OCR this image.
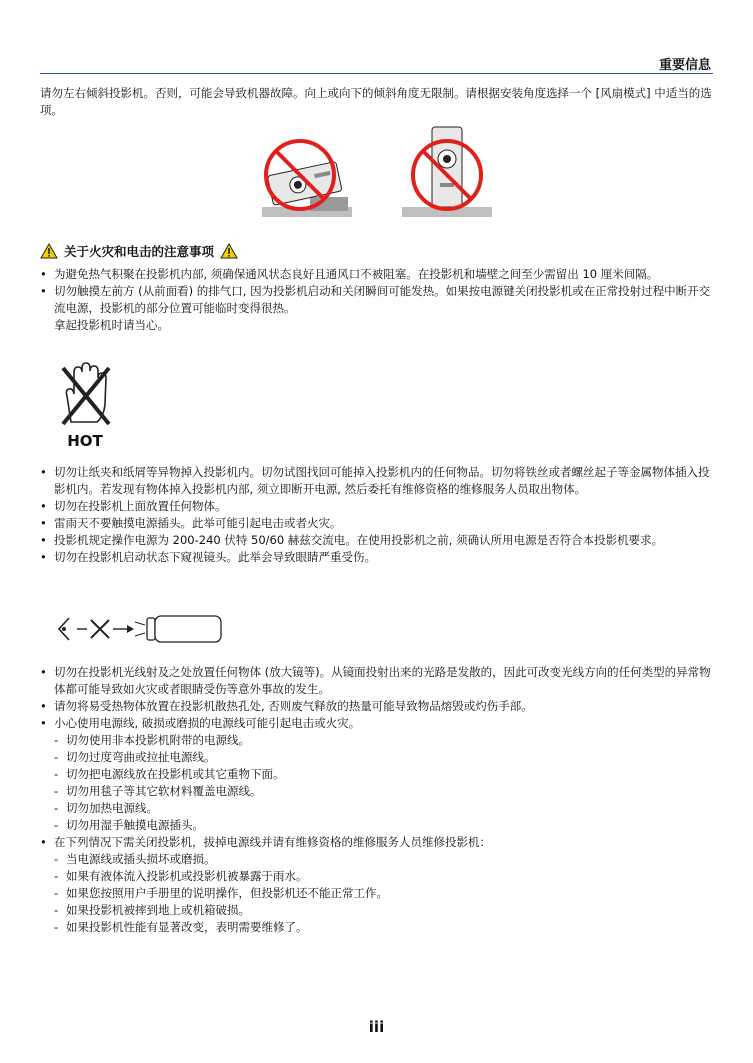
重要信息
请勿左右倾斜投影机。否则，可能会导致机器故障。向上或向下的倾斜角度无限制。请根据安装角度选择一个 [风扇模式] 中适当的选项。
关于火灾和电击的注意事项
• 为避免热气积聚在投影机内部, 须确保通风状态良好且通风口不被阻塞。在投影机和墙壁之间至少需留出 10 厘米间隔。
• 切勿触摸左前方 (从前面看) 的排气口, 因为投影机启动和关闭瞬间可能发热。如果按电源键关闭投影机或在正常投射过程中断开交流电源，投影机的部分位置可能临时变得很热。
拿起投影机时请当心。
HOT
• 切勿让纸夹和纸屑等异物掉入投影机内。切勿试图找回可能掉入投影机内的任何物品。切勿将铁丝或者螺丝起子等金属物体插入投影机内。若发现有物体掉入投影机内部, 须立即断开电源, 然后委托有维修资格的维修服务人员取出物体。
• 切勿在投影机上面放置任何物体。
• 雷雨天不要触摸电源插头。此举可能引起电击或者火灾。
• 投影机规定操作电源为 200-240 伏特 50/60 赫兹交流电。在使用投影机之前, 须确认所用电源是否符合本投影机要求。
• 切勿在投影机启动状态下窥视镜头。此举会导致眼睛严重受伤。
• 切勿在投影机光线射及之处放置任何物体 (放大镜等)。从镜面投射出来的光路是发散的，因此可改变光线方向的任何类型的异常物体都可能导致如火灾或者眼睛受伤等意外事故的发生。
• 请勿将易受热物体放置在投影机散热孔处, 否则废气释放的热量可能导致物品熔毁或灼伤手部。
• 小心使用电源线, 破损或磨损的电源线可能引起电击或火灾。
- 切勿使用非本投影机附带的电源线。
- 切勿过度弯曲或拉扯电源线。
- 切勿把电源线放在投影机或其它重物下面。
- 切勿用毯子等其它软材料覆盖电源线。
- 切勿加热电源线。
- 切勿用湿手触摸电源插头。
• 在下列情况下需关闭投影机，拔掉电源线并请有维修资格的维修服务人员维修投影机：
- 当电源线或插头损坏或磨损。
- 如果有液体流入投影机或投影机被暴露于雨水。
- 如果您按照用户手册里的说明操作，但投影机还不能正常工作。
- 如果投影机被摔到地上或机箱破损。
- 如果投影机性能有显著改变，表明需要维修了。
iii
